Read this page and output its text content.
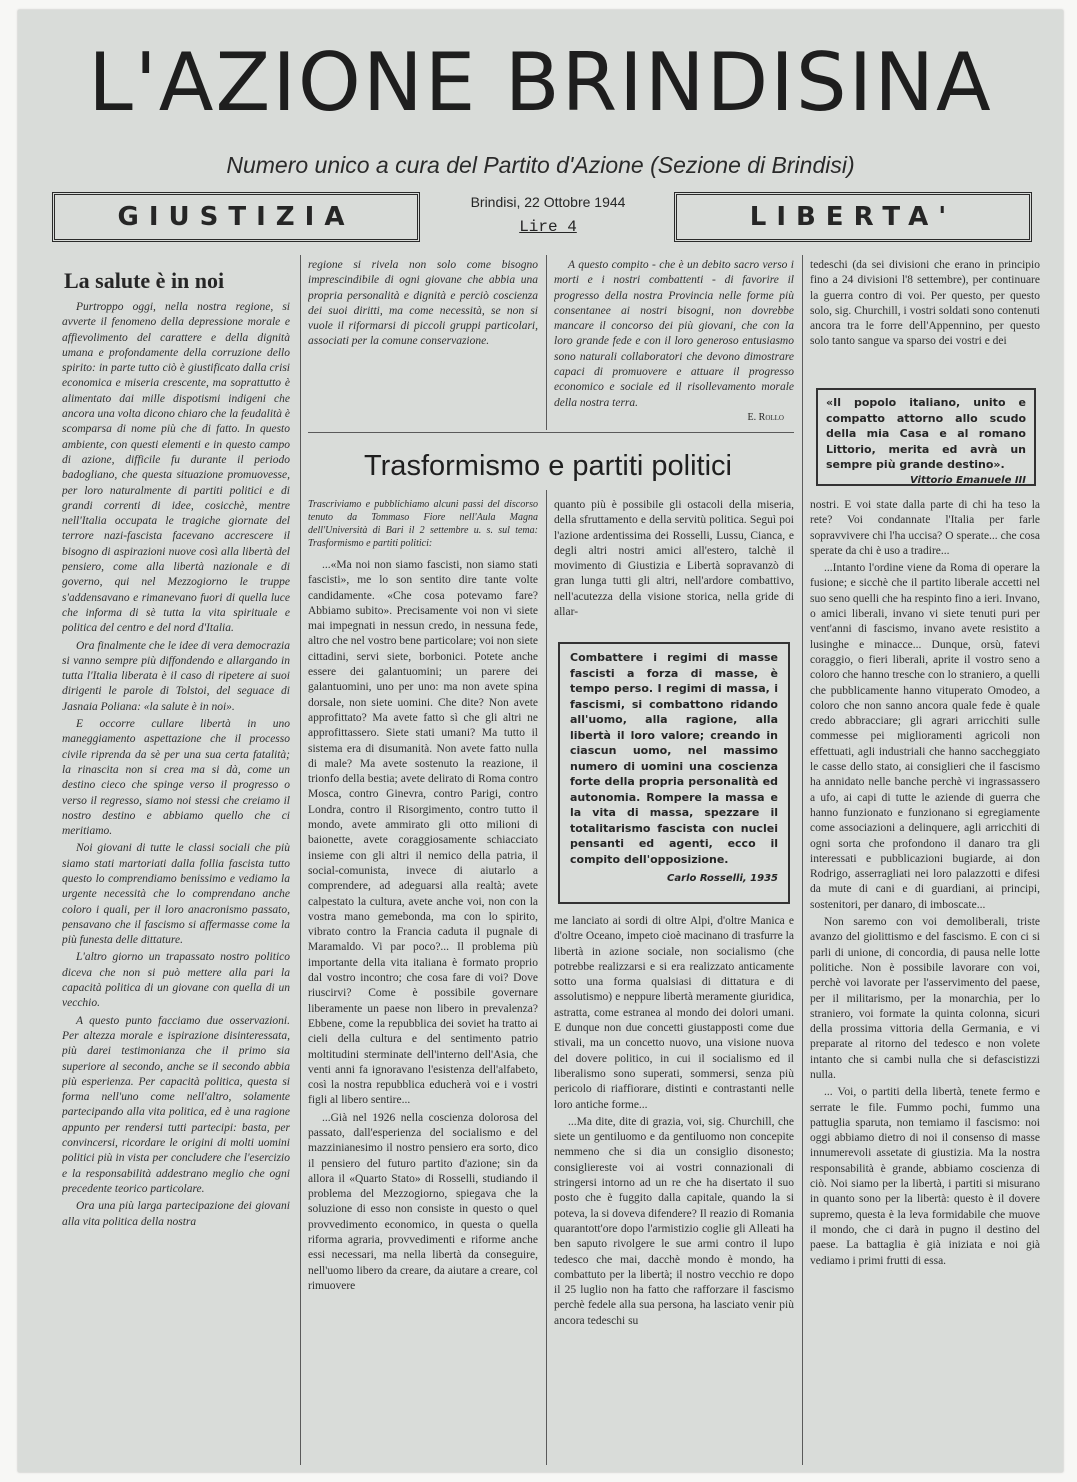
L'AZIONE BRINDISINA
Numero unico a cura del Partito d'Azione (Sezione di Brindisi)
GIUSTIZIA	Brindisi, 22 Ottobre 1944
Lire 4	LIBERTA'
La salute è in noi

Purtroppo oggi, nella nostra regione, si avverte il fenomeno della depressione morale e affievolimento del carattere e della dignità umana e profondamente della corruzione dello spirito: in parte tutto ciò è giustificato dalla crisi economica e miseria crescente, ma soprattutto è alimentato dai mille dispotismi indigeni che ancora una volta dicono chiaro che la feudalità è scomparsa di nome più che di fatto. In questo ambiente, con questi elementi e in questo campo di azione, difficile fu durante il periodo badogliano, che questa situazione promuovesse, per loro naturalmente di partiti politici e di grandi correnti di idee, cosicchè, mentre nell'Italia occupata le tragiche giornate del terrore nazi-fascista facevano accrescere il bisogno di aspirazioni nuove così alla libertà del pensiero, come alla libertà nazionale e di governo, qui nel Mezzogiorno le truppe s'addensavano e rimanevano fuori di quella luce che informa di sè tutta la vita spirituale e politica del centro e del nord d'Italia.

Ora finalmente che le idee di vera democrazia si vanno sempre più diffondendo e allargando in tutta l'Italia liberata è il caso di ripetere ai suoi dirigenti le parole di Tolstoi, del seguace di Jasnaia Poliana: «la salute è in noi».

E occorre cullare libertà in uno maneggiamento aspettazione che il processo civile riprenda da sè per una sua certa fatalità; la rinascita non si crea ma si dà, come un destino cieco che spinge verso il progresso o verso il regresso, siamo noi stessi che creiamo il nostro destino e abbiamo quello che ci meritiamo.

Noi giovani di tutte le classi sociali che più siamo stati martoriati dalla follia fascista tutto questo lo comprendiamo benissimo e vediamo la urgente necessità che lo comprendano anche coloro i quali, per il loro anacronismo passato, pensavano che il fascismo si affermasse come la più funesta delle dittature.

L'altro giorno un trapassato nostro politico diceva che non si può mettere alla pari la capacità politica di un giovane con quella di un vecchio.

A questo punto facciamo due osservazioni. Per altezza morale e ispirazione disinteressata, più darei testimonianza che il primo sia superiore al secondo, anche se il secondo abbia più esperienza. Per capacità politica, questa si forma nell'uno come nell'altro, solamente partecipando alla vita politica, ed è una ragione appunto per rendersi tutti partecipi: basta, per convincersi, ricordare le origini di molti uomini politici più in vista per concludere che l'esercizio e la responsabilità addestrano meglio che ogni precedente teorico particolare.

Ora una più larga partecipazione dei giovani alla vita politica della nostra

regione si rivela non solo come bisogno imprescindibile di ogni giovane che abbia una propria personalità e dignità e perciò coscienza dei suoi diritti, ma come necessità, se non si vuole il riformarsi di piccoli gruppi particolari, associati per la comune conservazione.

A questo compito - che è un debito sacro verso i morti e i nostri combattenti - di favorire il progresso della nostra Provincia nelle forme più consentanee ai nostri bisogni, non dovrebbe mancare il concorso dei più giovani, che con la loro grande fede e con il loro generoso entusiasmo sono naturali collaboratori che devono dimostrare capaci di promuovere e attuare il progresso economico e sociale ed il risollevamento morale della nostra terra.

E. Rollo
Trasformismo e partiti politici

Trascriviamo e pubblichiamo alcuni passi del discorso tenuto da Tommaso Fiore nell'Aula Magna dell'Università di Bari il 2 settembre u. s. sul tema: Trasformismo e partiti politici:

...«Ma noi non siamo fascisti, non siamo stati fascisti», me lo son sentito dire tante volte candidamente. «Che cosa potevamo fare? Abbiamo subito». Precisamente voi non vi siete mai impegnati in nessun credo, in nessuna fede, altro che nel vostro bene particolare; voi non siete cittadini, servi siete, borbonici. Potete anche essere dei galantuomini; un parere dei galantuomini, uno per uno: ma non avete spina dorsale, non siete uomini. Che dite? Non avete approfittato? Ma avete fatto sì che gli altri ne approfittassero. Siete stati umani? Ma tutto il sistema era di disumanità. Non avete fatto nulla di male? Ma avete sostenuto la reazione, il trionfo della bestia; avete delirato di Roma contro Mosca, contro Ginevra, contro Parigi, contro Londra, contro il Risorgimento, contro tutto il mondo, avete ammirato gli otto milioni di baionette, avete coraggiosamente schiacciato insieme con gli altri il nemico della patria, il social-comunista, invece di aiutarlo a comprendere, ad adeguarsi alla realtà; avete calpestato la cultura, avete anche voi, non con la vostra mano gemebonda, ma con lo spirito, vibrato contro la Francia caduta il pugnale di Maramaldo. Vi par poco?... Il problema più importante della vita italiana è formato proprio dal vostro incontro; che cosa fare di voi? Dove riuscirvi? Come è possibile governare liberamente un paese non libero in prevalenza? Ebbene, come la repubblica dei soviet ha tratto ai cieli della cultura e del sentimento patrio moltitudini sterminate dell'interno dell'Asia, che venti anni fa ignoravano l'esistenza dell'alfabeto, così la nostra repubblica educherà voi e i vostri figli al libero sentire...

...Già nel 1926 nella coscienza dolorosa del passato, dall'esperienza del socialismo e del mazzinianesimo il nostro pensiero era sorto, dico il pensiero del futuro partito d'azione; sin da allora il «Quarto Stato» di Rosselli, studiando il problema del Mezzogiorno, spiegava che la soluzione di esso non consiste in questo o quel provvedimento economico, in questa o quella riforma agraria, provvedimenti e riforme anche essi necessari, ma nella libertà da conseguire, nell'uomo libero da creare, da aiutare a creare, col rimuovere

quanto più è possibile gli ostacoli della miseria, della sfruttamento e della servitù politica. Seguì poi l'azione ardentissima dei Rosselli, Lussu, Cianca, e degli altri nostri amici all'estero, talchè il movimento di Giustizia e Libertà sopravanzò di gran lunga tutti gli altri, nell'ardore combattivo, nell'acutezza della visione storica, nella gride di allar-

Combattere i regimi di masse fascisti a forza di masse, è tempo perso. I regimi di massa, i fascismi, si combattono ridando all'uomo, alla ragione, alla libertà il loro valore; creando in ciascun uomo, nel massimo numero di uomini una coscienza forte della propria personalità ed autonomia. Rompere la massa e la vita di massa, spezzare il totalitarismo fascista con nuclei pensanti ed agenti, ecco il compito dell'opposizione.
Carlo Rosselli, 1935

me lanciato ai sordi di oltre Alpi, d'oltre Manica e d'oltre Oceano, impeto cioè macinano di trasfurre la libertà in azione sociale, non socialismo (che potrebbe realizzarsi e si era realizzato anticamente sotto una forma qualsiasi di dittatura e di assolutismo) e neppure libertà meramente giuridica, astratta, come estranea al mondo dei dolori umani. E dunque non due concetti giustapposti come due stivali, ma un concetto nuovo, una visione nuova del dovere politico, in cui il socialismo ed il liberalismo sono superati, sommersi, senza più pericolo di riaffiorare, distinti e contrastanti nelle loro antiche forme...

...Ma dite, dite di grazia, voi, sig. Churchill, che siete un gentiluomo e da gentiluomo non concepite nemmeno che si dia un consiglio disonesto; consigliereste voi ai vostri connazionali di stringersi intorno ad un re che ha disertato il suo posto che è fuggito dalla capitale, quando la si poteva, la si doveva difendere? Il reazio di Romania quarantott'ore dopo l'armistizio coglie gli Alleati ha ben saputo rivolgere le sue armi contro il lupo tedesco che mai, dacchè mondo è mondo, ha combattuto per la libertà; il nostro vecchio re dopo il 25 luglio non ha fatto che rafforzare il fascismo perchè fedele alla sua persona, ha lasciato venir più ancora tedeschi su

tedeschi (da sei divisioni che erano in principio fino a 24 divisioni l'8 settembre), per continuare la guerra contro di voi. Per questo, per questo solo, sig. Churchill, i vostri soldati sono contenuti ancora tra le forre dell'Appennino, per questo solo tanto sangue va sparso dei vostri e dei

«Il popolo italiano, unito e compatto attorno allo scudo della mia Casa e al romano Littorio, merita ed avrà un sempre più grande destino».
Vittorio Emanuele III

nostri. E voi state dalla parte di chi ha teso la rete? Voi condannate l'Italia per farle sopravvivere chi l'ha uccisa? O sperate... che cosa sperate da chi è uso a tradire...

...Intanto l'ordine viene da Roma di operare la fusione; e sicchè che il partito liberale accetti nel suo seno quelli che ha respinto fino a ieri. Invano, o amici liberali, invano vi siete tenuti puri per vent'anni di fascismo, invano avete resistito a lusinghe e minacce... Dunque, orsù, fatevi coraggio, o fieri liberali, aprite il vostro seno a coloro che hanno tresche con lo straniero, a quelli che pubblicamente hanno vituperato Omodeo, a coloro che non sanno ancora quale fede è quale credo abbracciare; gli agrari arricchiti sulle commesse pei miglioramenti agricoli non effettuati, agli industriali che hanno saccheggiato le casse dello stato, ai consiglieri che il fascismo ha annidato nelle banche perchè vi ingrassassero a ufo, ai capi di tutte le aziende di guerra che hanno funzionato e funzionano si egregiamente come associazioni a delinquere, agli arricchiti di ogni sorta che profondono il danaro tra gli interessati e pubblicazioni bugiarde, ai don Rodrigo, asserragliati nei loro palazzotti e difesi da mute di cani e di guardiani, ai principi, sostenitori, per danaro, di imboscate...

Non saremo con voi demoliberali, triste avanzo del giolittismo e del fascismo. E con ci si parli di unione, di concordia, di pausa nelle lotte politiche. Non è possibile lavorare con voi, perchè voi lavorate per l'asservimento del paese, per il militarismo, per la monarchia, per lo straniero, voi formate la quinta colonna, sicuri della prossima vittoria della Germania, e vi preparate al ritorno del tedesco e non volete intanto che si cambi nulla che si defascistizzi nulla.

... Voi, o partiti della libertà, tenete fermo e serrate le file. Fummo pochi, fummo una pattuglia sparuta, non temiamo il fascismo: noi oggi abbiamo dietro di noi il consenso di masse innumerevoli assetate di giustizia. Ma la nostra responsabilità è grande, abbiamo coscienza di ciò. Noi siamo per la libertà, i partiti si misurano in quanto sono per la libertà: questo è il dovere supremo, questa è la leva formidabile che muove il mondo, che ci darà in pugno il destino del paese. La battaglia è già iniziata e noi già vediamo i primi frutti di essa.
